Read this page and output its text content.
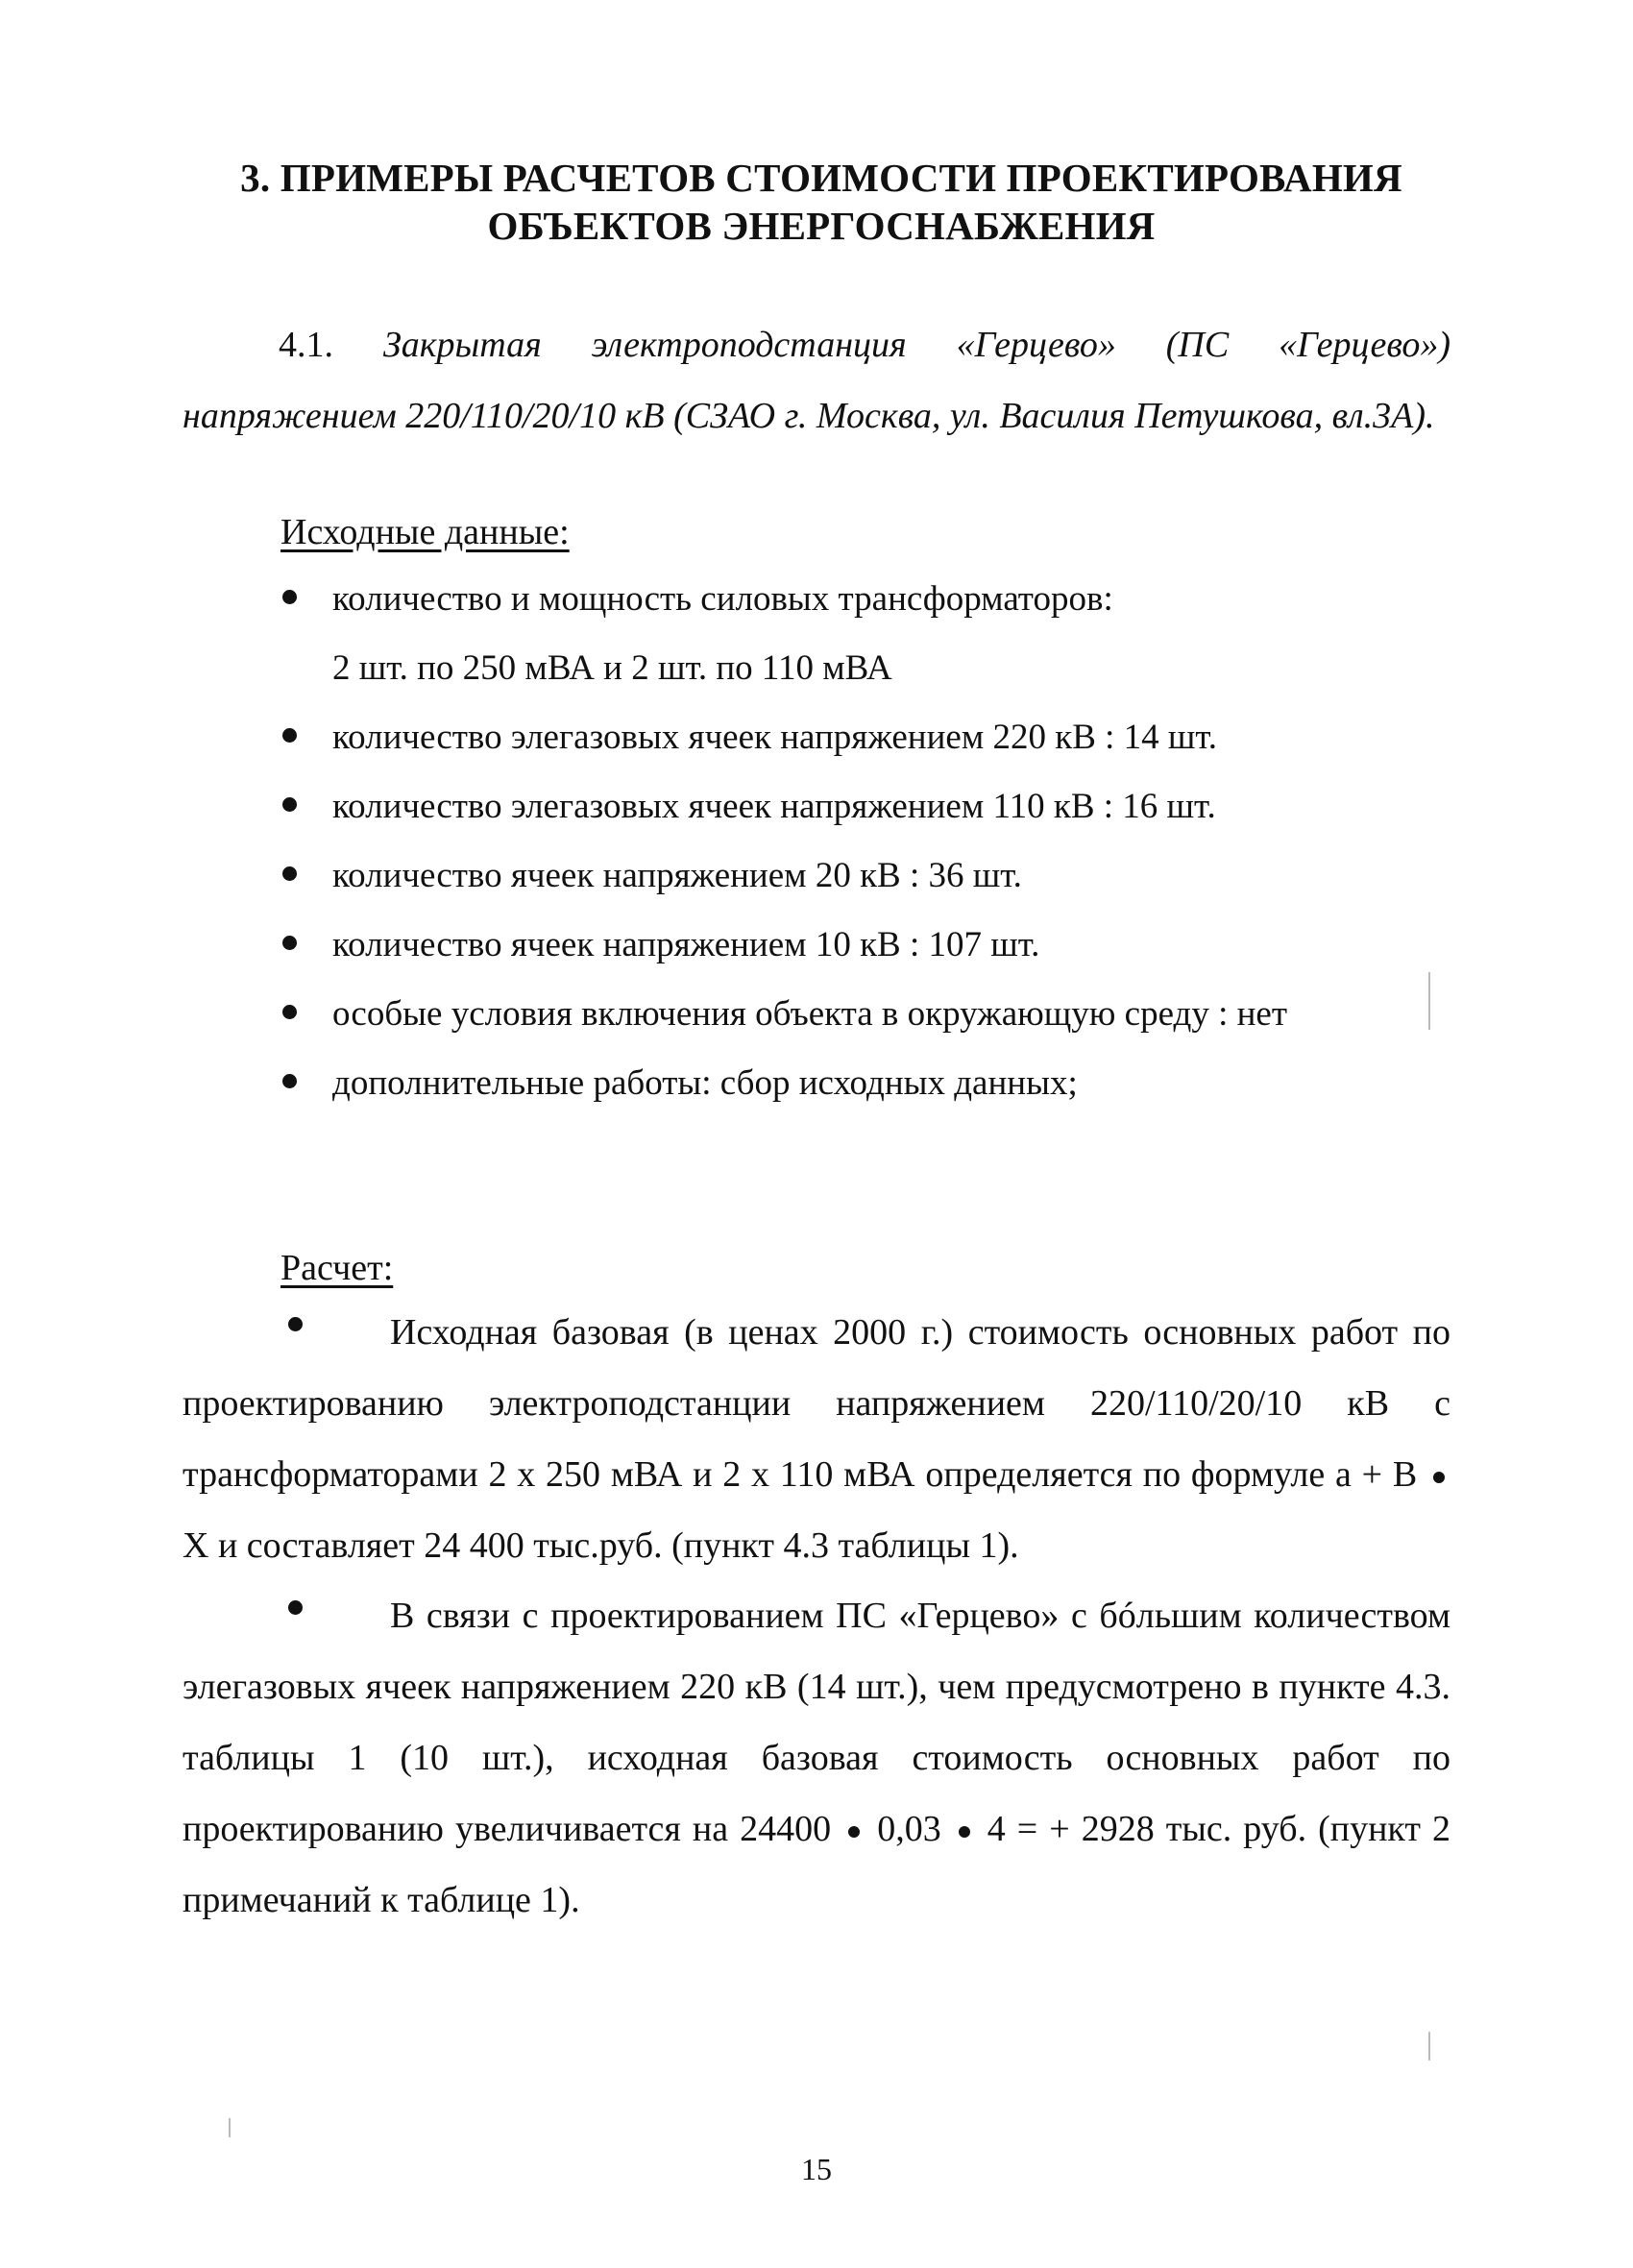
3. ПРИМЕРЫ РАСЧЕТОВ СТОИМОСТИ ПРОЕКТИРОВАНИЯ
ОБЪЕКТОВ ЭНЕРГОСНАБЖЕНИЯ
4.1. Закрытая электроподстанция «Герцево» (ПС «Герцево») напряжением 220/110/20/10 кВ (СЗАО г. Москва, ул. Василия Петушкова, вл.3А).
Исходные данные:
количество и мощность силовых трансформаторов:
2 шт. по 250 мВА и 2 шт. по 110 мВА
количество элегазовых ячеек напряжением 220 кВ : 14 шт.
количество элегазовых ячеек напряжением 110 кВ : 16 шт.
количество ячеек напряжением 20 кВ : 36 шт.
количество ячеек напряжением 10 кВ : 107 шт.
особые условия включения объекта в окружающую среду : нет
дополнительные работы: сбор исходных данных;
Расчет:
Исходная базовая (в ценах 2000 г.) стоимость основных работ по проектированию электроподстанции напряжением 220/110/20/10 кВ с трансформаторами 2 х 250 мВА и 2 х 110 мВА определяется по формуле а + В  Х и составляет 24 400 тыс.руб. (пункт 4.3 таблицы 1).
В связи с проектированием ПС «Герцево» с бóльшим количеством элегазовых ячеек напряжением 220 кВ (14 шт.), чем предусмотрено в пункте 4.3. таблицы 1 (10 шт.), исходная базовая стоимость основных работ по проектированию увеличивается на 24400 0,03 4 = + 2928 тыс. руб. (пункт 2 примечаний к таблице 1).
15
